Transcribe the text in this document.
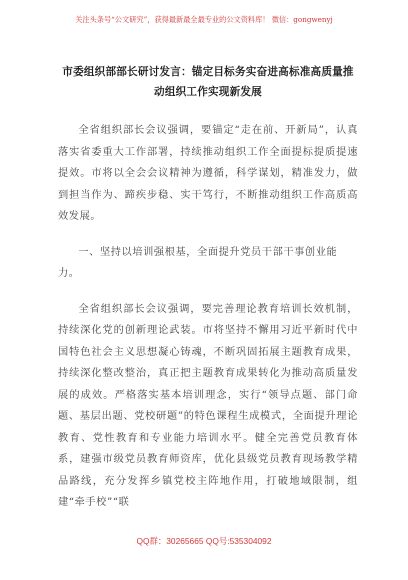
关注头条号“公文研究”，获得最新最全最专业的公文资料库！ 微信：gongwenyj
市委组织部部长研讨发言：锚定目标务实奋进高标准高质量推动组织工作实现新发展

全省组织部长会议强调，要锚定“走在前、开新局”，认真落实省委重大工作部署，持续推动组织工作全面提标提质提速提效。市将以全会会议精神为遵循，科学谋划，精准发力，做到担当作为、蹄疾步稳、实干笃行，不断推动组织工作高质高效发展。

一、坚持以培训强根基，全面提升党员干部干事创业能力。

全省组织部长会议强调，要完善理论教育培训长效机制，持续深化党的创新理论武装。市将坚持不懈用习近平新时代中国特色社会主义思想凝心铸魂，不断巩固拓展主题教育成果，持续深化整改整治，真正把主题教育成果转化为推动高质量发展的成效。严格落实基本培训理念，实行“领导点题、部门命题、基层出题、党校研题”的特色课程生成模式，全面提升理论教育、党性教育和专业能力培训水平。健全完善党员教育体系，建强市级党员教育师资库，优化县级党员教育现场教学精品路线，充分发挥乡镇党校主阵地作用，打破地域限制，组建“牵手校”“联

QQ群：30265665 QQ号:535304092
